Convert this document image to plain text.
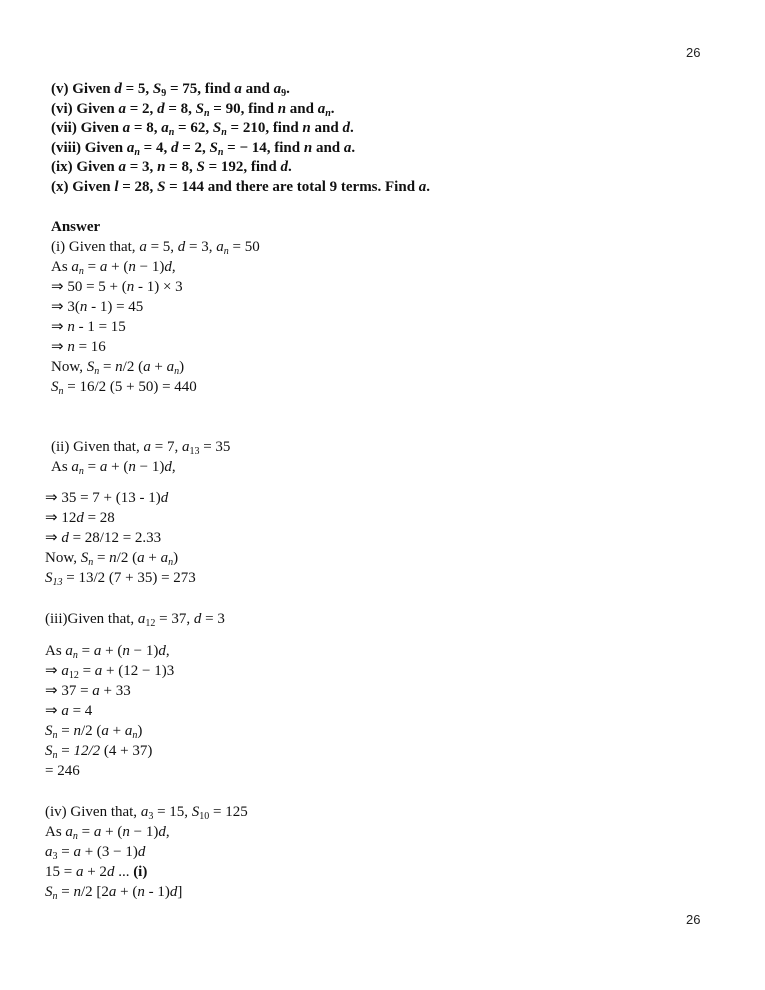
26
(v) Given d = 5, $S_9 = 75$, find a and $a_9$.
(vi) Given a = 2, d = 8, $S_n = 90$, find n and $a_n$.
(vii) Given a = 8, $a_n = 62$, $S_n = 210$, find n and d.
(viii) Given $a_n = 4$, d = 2, $S_n$ = − 14, find n and a.
(ix) Given a = 3, n = 8, S = 192, find d.
(x) Given l = 28, S = 144 and there are total 9 terms. Find a.
Answer
(i) Given that, a = 5, d = 3, $a_n = 50$
As $a_n = a + (n - 1)d$,
⇒ 50 = 5 + (n - 1) × 3
⇒ 3(n - 1) = 45
⇒ n - 1 = 15
⇒ n = 16
Now, $S_n = n/2$ $(a + a_n)$
$S_n = 16/2$ (5 + 50) = 440
(ii) Given that, a = 7, $a_{13} = 35$
As $a_n = a + (n - 1)d$,
⇒ 35 = 7 + (13 - 1)d
⇒ 12d = 28
⇒ d = 28/12 = 2.33
Now, $S_n = n/2$ $(a + a_n)$
$S_{13} = 13/2$ (7 + 35) = 273
(iii)Given that, $a_{12} = 37$, d = 3
As $a_n = a + (n - 1)d$,
⇒ $a_{12} = a + (12 - 1)3$
⇒ 37 = a + 33
⇒ a = 4
$S_n = n/2$ $(a + a_n)$
$S_n = 12/2$ (4 + 37)
= 246
(iv) Given that, $a_3 = 15$, $S_{10} = 125$
As $a_n = a + (n - 1)d$,
$a_3 = a + (3 - 1)d$
15 = a + 2d ... (i)
$S_n = n/2$ [2a + (n - 1)d]
26
